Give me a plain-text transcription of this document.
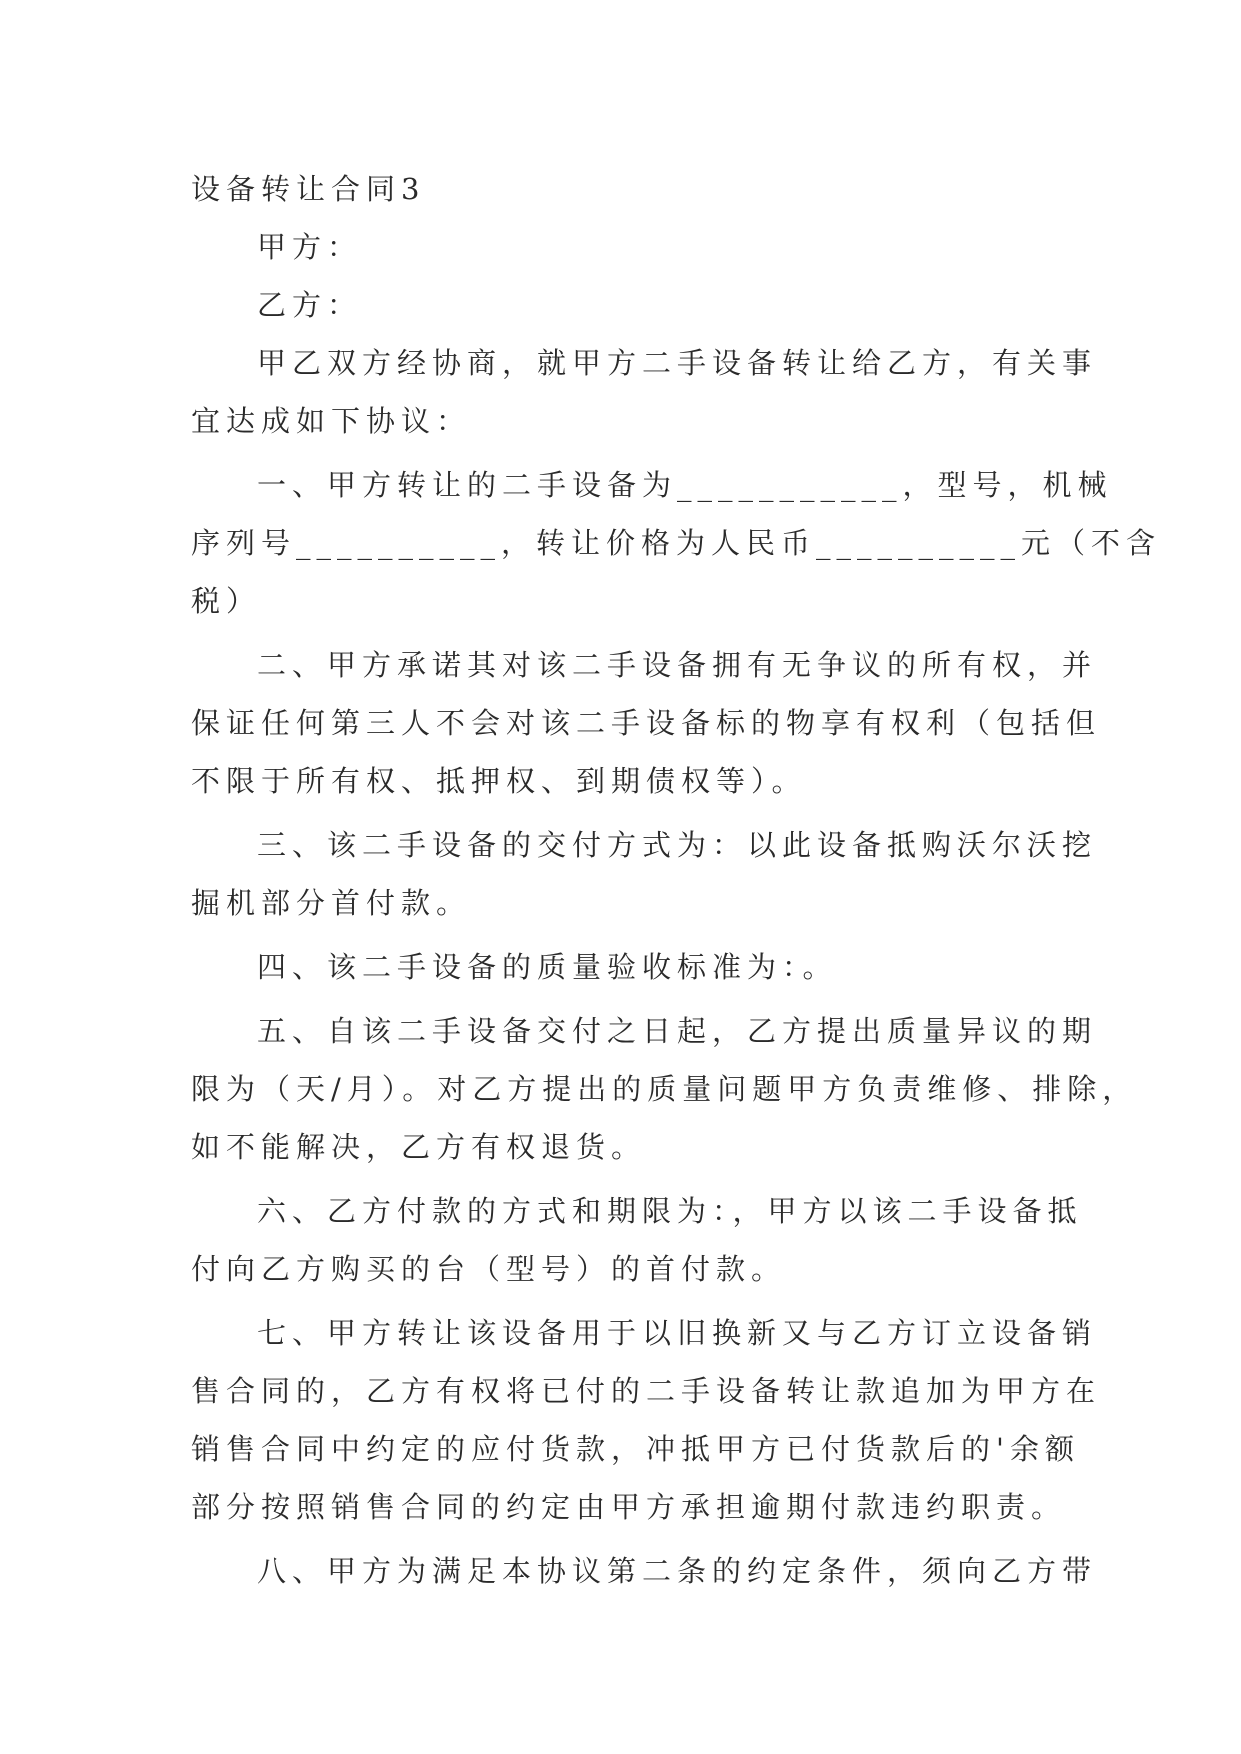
设备转让合同3
甲方：
乙方：
甲乙双方经协商，就甲方二手设备转让给乙方，有关事
宜达成如下协议：
一、甲方转让的二手设备为___________，型号，机械
序列号__________，转让价格为人民币__________元（不含
税）
二、甲方承诺其对该二手设备拥有无争议的所有权，并
保证任何第三人不会对该二手设备标的物享有权利（包括但
不限于所有权、抵押权、到期债权等）。
三、该二手设备的交付方式为：以此设备抵购沃尔沃挖
掘机部分首付款。
四、该二手设备的质量验收标准为：。
五、自该二手设备交付之日起，乙方提出质量异议的期
限为（天/月）。对乙方提出的质量问题甲方负责维修、排除，
如不能解决，乙方有权退货。
六、乙方付款的方式和期限为：，甲方以该二手设备抵
付向乙方购买的台（型号）的首付款。
七、甲方转让该设备用于以旧换新又与乙方订立设备销
售合同的，乙方有权将已付的二手设备转让款追加为甲方在
销售合同中约定的应付货款，冲抵甲方已付货款后的'余额
部分按照销售合同的约定由甲方承担逾期付款违约职责。
八、甲方为满足本协议第二条的约定条件，须向乙方带
